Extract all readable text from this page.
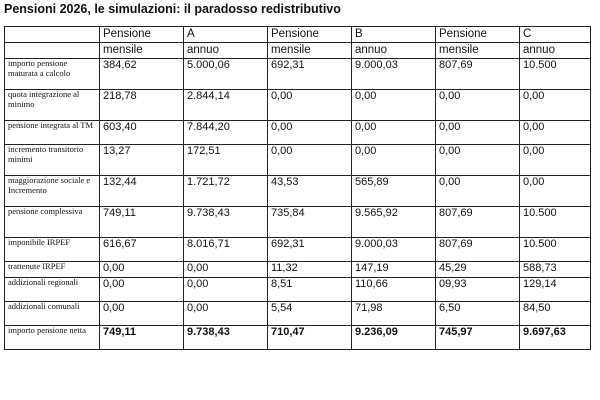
Pensioni 2026, le simulazioni: il paradosso redistributivo
	Pensione	A	Pensione	B	Pensione	C
	mensile	annuo	mensile	annuo	mensile	annuo
importo pensione maturata a calcolo	384,62	5.000,06	692,31	9.000,03	807,69	10.500
quota integrazione al minimo	218,78	2.844,14	0,00	0,00	0,00	0,00
pensione integrata al TM	603,40	7.844,20	0,00	0,00	0,00	0,00
incremento transitorio minimi	13,27	172,51	0,00	0,00	0,00	0,00
maggiorazione sociale e Incremento	132,44	1.721,72	43,53	565,89	0,00	0,00
pensione complessiva	749,11	9.738,43	735,84	9.565,92	807,69	10.500
imponibile IRPEF	616,67	8.016,71	692,31	9.000,03	807,69	10.500
trattenute IRPEF	0,00	0,00	11,32	147,19	45,29	588,73
addizionali regionali	0,00	0,00	8,51	110,66	09,93	129,14
addizionali comunali	0,00	0,00	5,54	71,98	6,50	84,50
importo pensione netta	749,11	9.738,43	710,47	9.236,09	745,97	9.697,63
